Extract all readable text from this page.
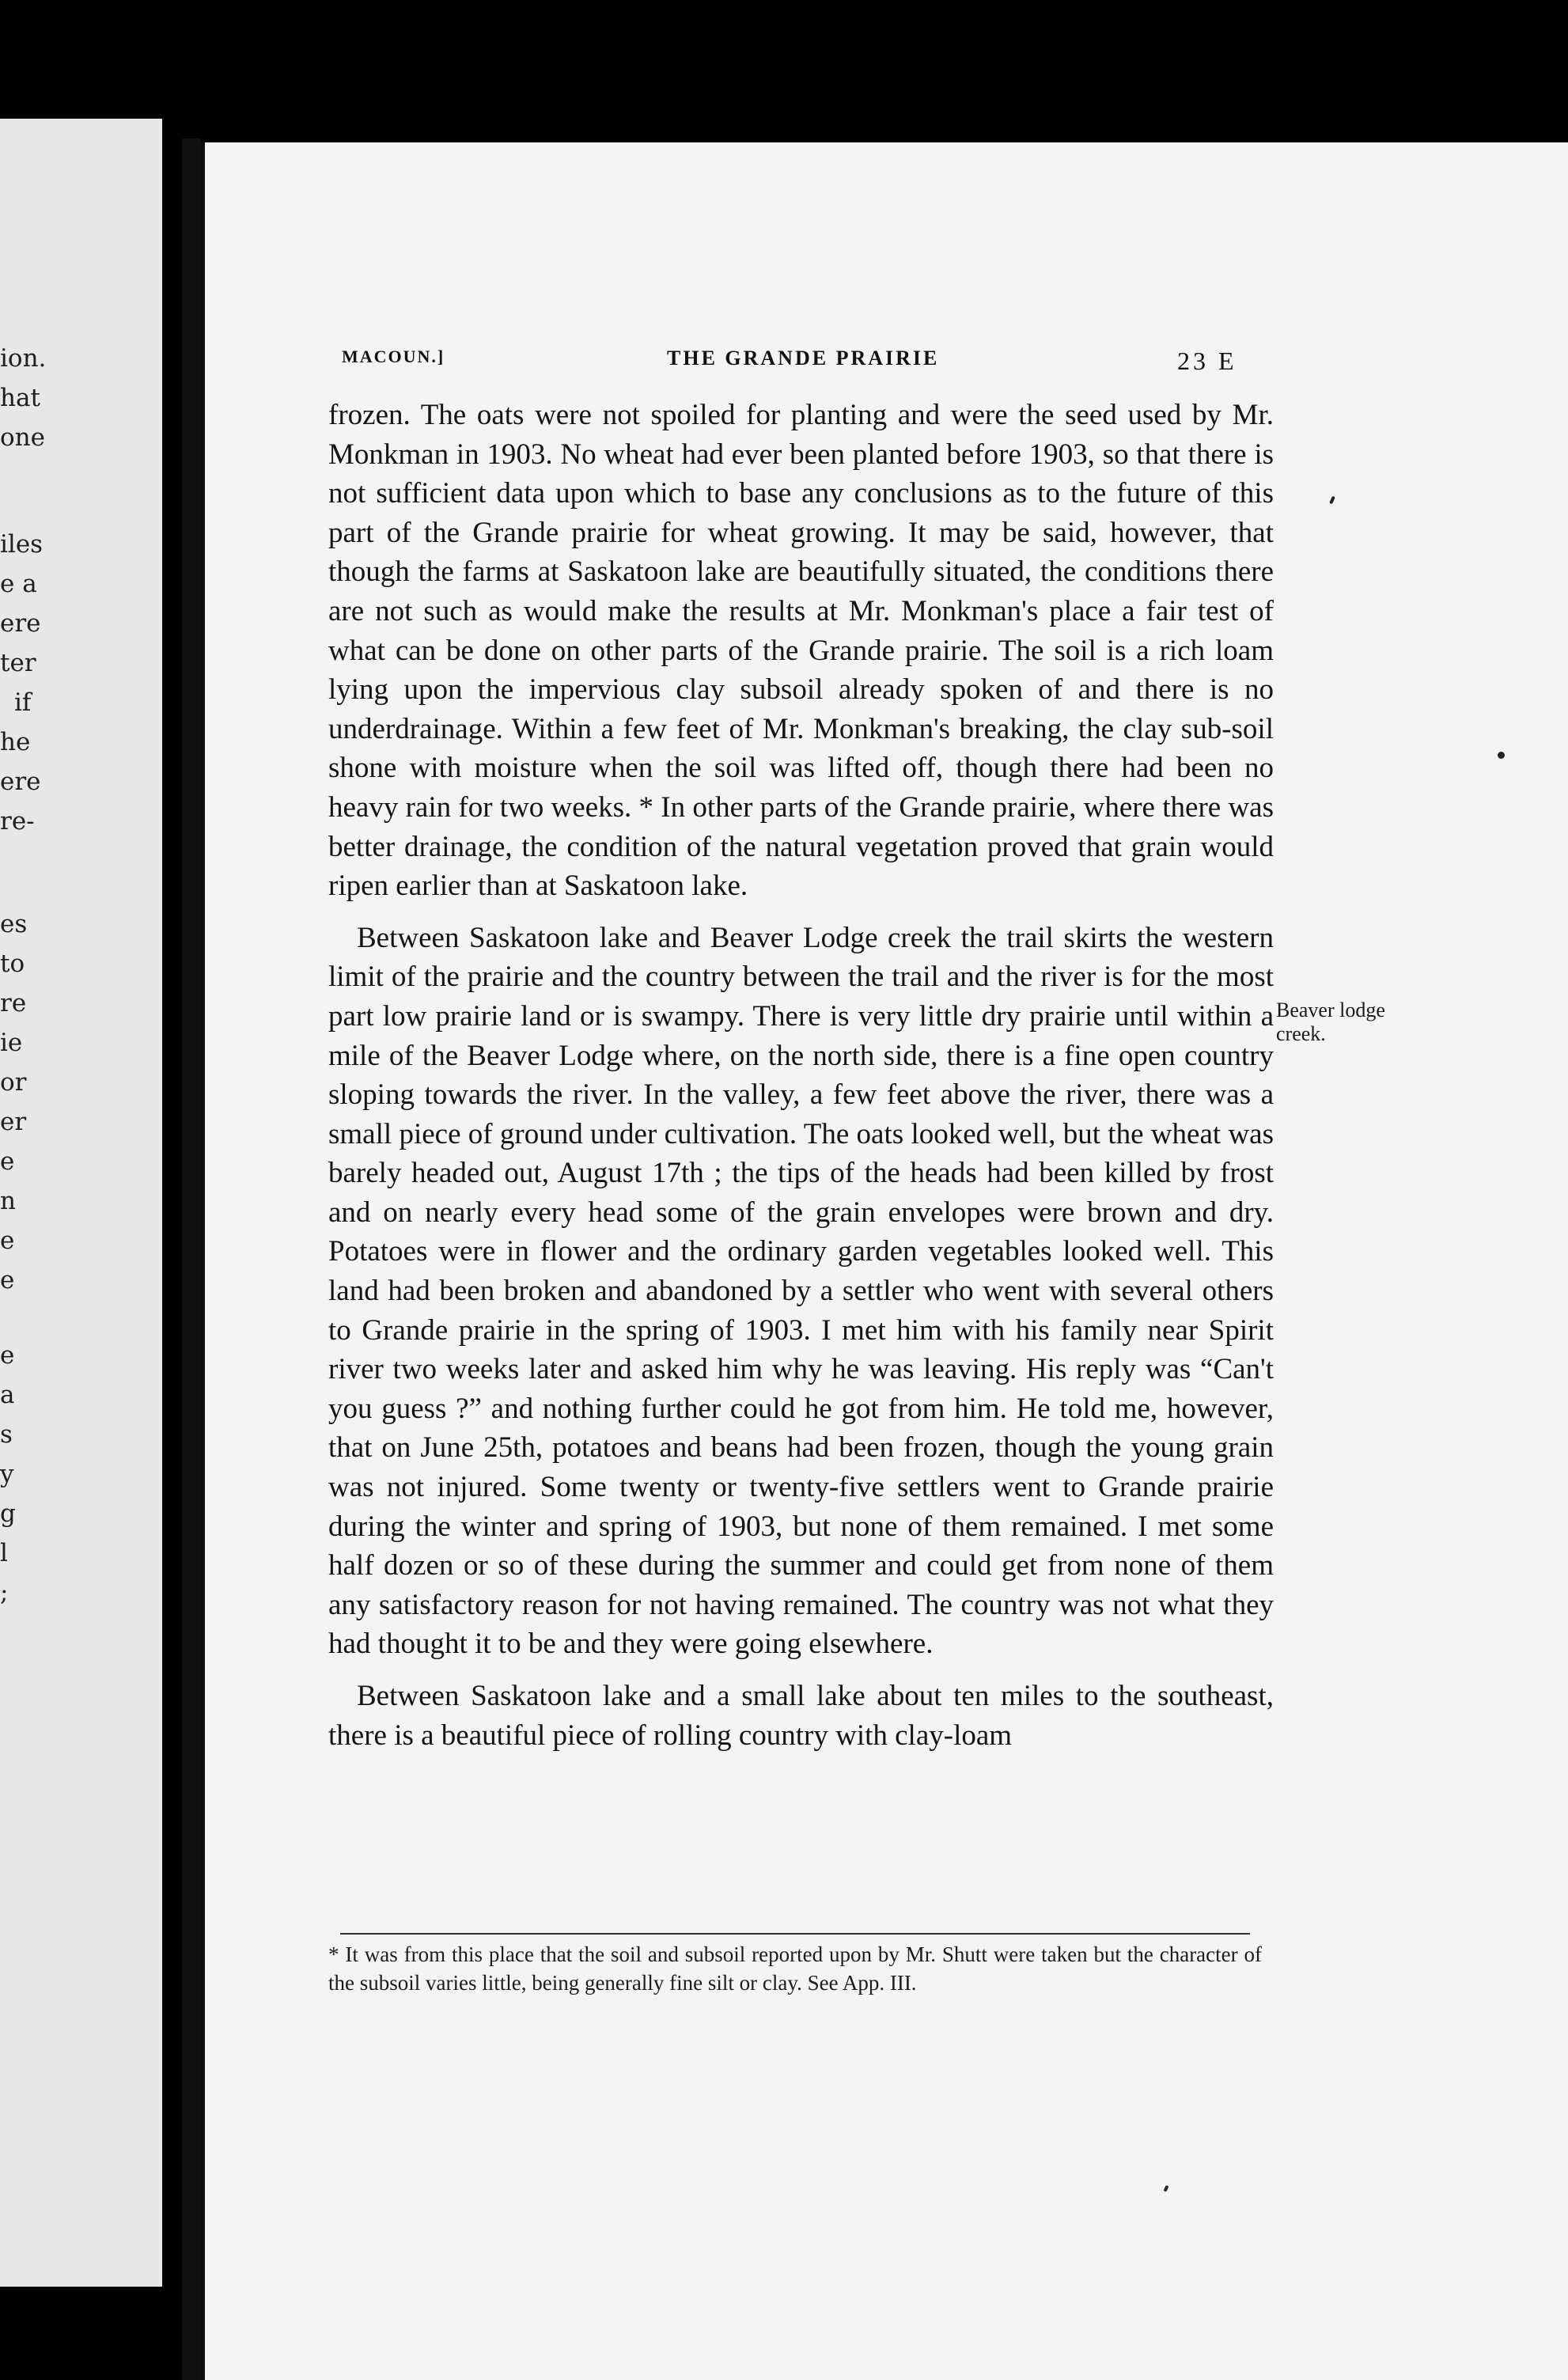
ion.
hat
one
iles
e a
ere
ter
if
he
ere
re-
es
to
re
ie
or
er
e
n
e
e
e
a
s
y
g
l
;
MACOUN.]	THE GRANDE PRAIRIE	23 E

frozen. The oats were not spoiled for planting and were the seed used by Mr. Monkman in 1903. No wheat had ever been planted before 1903, so that there is not sufficient data upon which to base any conclusions as to the future of this part of the Grande prairie for wheat growing. It may be said, however, that though the farms at Saskatoon lake are beautifully situated, the conditions there are not such as would make the results at Mr. Monkman's place a fair test of what can be done on other parts of the Grande prairie. The soil is a rich loam lying upon the impervious clay subsoil already spoken of and there is no underdrainage. Within a few feet of Mr. Monkman's breaking, the clay sub-soil shone with moisture when the soil was lifted off, though there had been no heavy rain for two weeks. * In other parts of the Grande prairie, where there was better drainage, the condition of the natural vegetation proved that grain would ripen earlier than at Saskatoon lake.

Between Saskatoon lake and Beaver Lodge creek the trail skirts the western limit of the prairie and the country between the trail and the river is for the most part low prairie land or is swampy. There is very little dry prairie until within a mile of the Beaver Lodge where, on the north side, there is a fine open country sloping towards the river. In the valley, a few feet above the river, there was a small piece of ground under cultivation. The oats looked well, but the wheat was barely headed out, August 17th ; the tips of the heads had been killed by frost and on nearly every head some of the grain envelopes were brown and dry. Potatoes were in flower and the ordinary garden vegetables looked well. This land had been broken and abandoned by a settler who went with several others to Grande prairie in the spring of 1903. I met him with his family near Spirit river two weeks later and asked him why he was leaving. His reply was “Can't you guess ?” and nothing further could he got from him. He told me, however, that on June 25th, potatoes and beans had been frozen, though the young grain was not injured. Some twenty or twenty-five settlers went to Grande prairie during the winter and spring of 1903, but none of them remained. I met some half dozen or so of these during the summer and could get from none of them any satisfactory reason for not having remained. The country was not what they had thought it to be and they were going elsewhere.

Between Saskatoon lake and a small lake about ten miles to the southeast, there is a beautiful piece of rolling country with clay-loam

Beaver lodge creek.
* It was from this place that the soil and subsoil reported upon by Mr. Shutt were taken but the character of the subsoil varies little, being generally fine silt or clay. See App. III.
